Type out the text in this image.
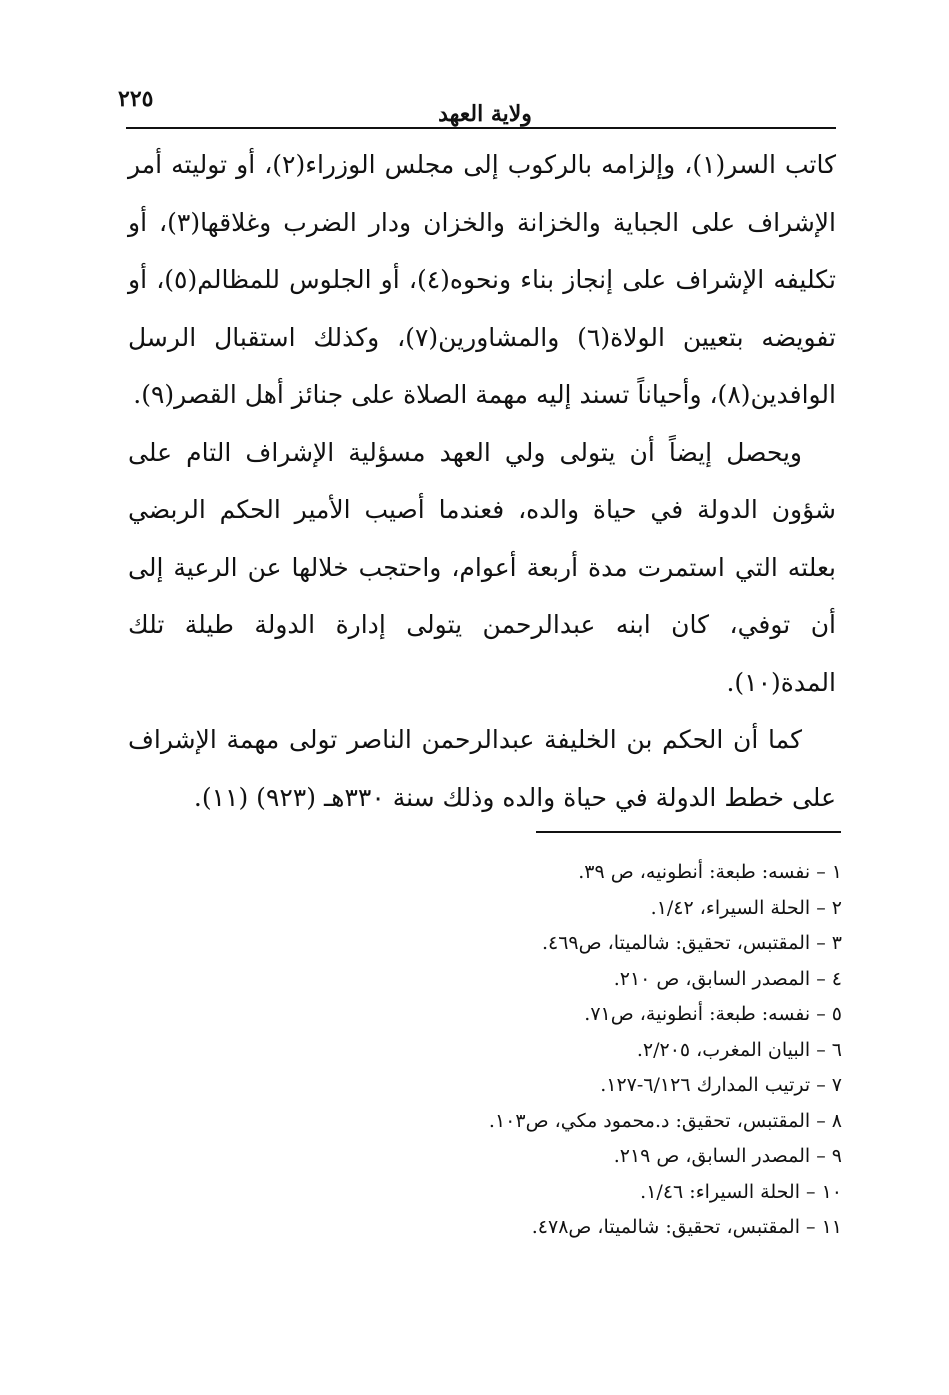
٢٢٥
ولاية العهد

كاتب السر(١)، وإلزامه بالركوب إلى مجلس الوزراء(٢)، أو توليته أمر الإشراف على الجباية والخزانة والخزان ودار الضرب وغلاقها(٣)، أو تكليفه الإشراف على إنجاز بناء ونحوه(٤)، أو الجلوس للمظالم(٥)، أو تفويضه بتعيين الولاة(٦) والمشاورين(٧)، وكذلك استقبال الرسل الوافدين(٨)، وأحياناً تسند إليه مهمة الصلاة على جنائز أهل القصر(٩).

ويحصل إيضاً أن يتولى ولي العهد مسؤلية الإشراف التام على شؤون الدولة في حياة والده، فعندما أصيب الأمير الحكم الربضي بعلته التي استمرت مدة أربعة أعوام، واحتجب خلالها عن الرعية إلى أن توفي، كان ابنه عبدالرحمن يتولى إدارة الدولة طيلة تلك المدة(١٠).

كما أن الحكم بن الخليفة عبدالرحمن الناصر تولى مهمة الإشراف على خطط الدولة في حياة والده وذلك سنة ٣٣٠هـ (٩٢٣) (١١).

١ – نفسه: طبعة: أنطونيه، ص ٣٩.
٢ – الحلة السيراء، ١/٤٢.
٣ – المقتبس، تحقيق: شالميتا، ص٤٦٩.
٤ – المصدر السابق، ص ٢١٠.
٥ – نفسه: طبعة: أنطونية، ص٧١.
٦ – البيان المغرب، ٢/٢٠٥.
٧ – ترتيب المدارك ٦/١٢٦-١٢٧.
٨ – المقتبس، تحقيق: د.محمود مكي، ص١٠٣.
٩ – المصدر السابق، ص ٢١٩.
١٠ – الحلة السيراء: ١/٤٦.
١١ – المقتبس، تحقيق: شالميتا، ص٤٧٨.
